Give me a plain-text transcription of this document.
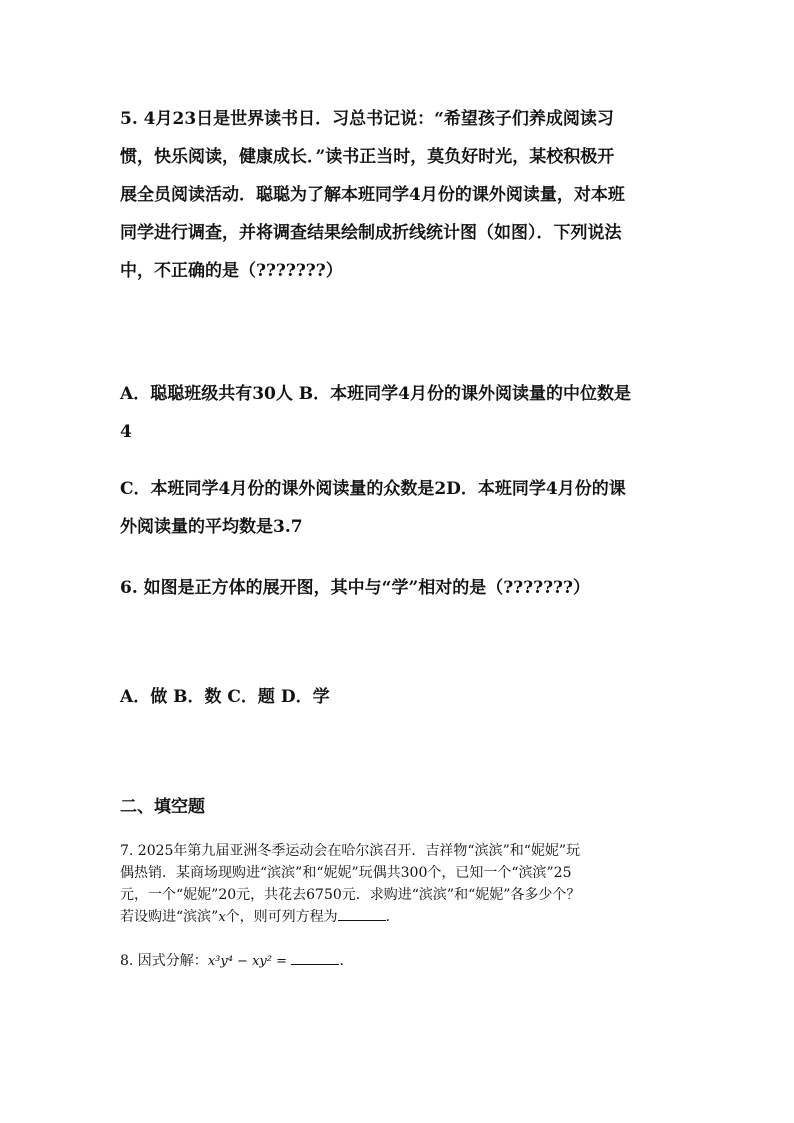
5. 4月23日是世界读书日．习总书记说：“希望孩子们养成阅读习
惯，快乐阅读，健康成长．”读书正当时，莫负好时光，某校积极开
展全员阅读活动．聪聪为了解本班同学4月份的课外阅读量，对本班
同学进行调查，并将调查结果绘制成折线统计图（如图）．下列说法
中，不正确的是（???????）
A．聪聪班级共有30人 B．本班同学4月份的课外阅读量的中位数是
4
C．本班同学4月份的课外阅读量的众数是2D．本班同学4月份的课
外阅读量的平均数是3.7
6. 如图是正方体的展开图，其中与“学”相对的是（???????）
A．做 B．数 C．题 D．学
二、填空题
7. 2025年第九届亚洲冬季运动会在哈尔滨召开．吉祥物“滨滨”和“妮妮”玩
偶热销．某商场现购进“滨滨”和“妮妮”玩偶共300个，已知一个“滨滨”25
元，一个“妮妮”20元，共花去6750元．求购进“滨滨”和“妮妮”各多少个？
若设购进“滨滨”x个，则可列方程为	．
8. 因式分解：x³y⁴ − xy² =	．
